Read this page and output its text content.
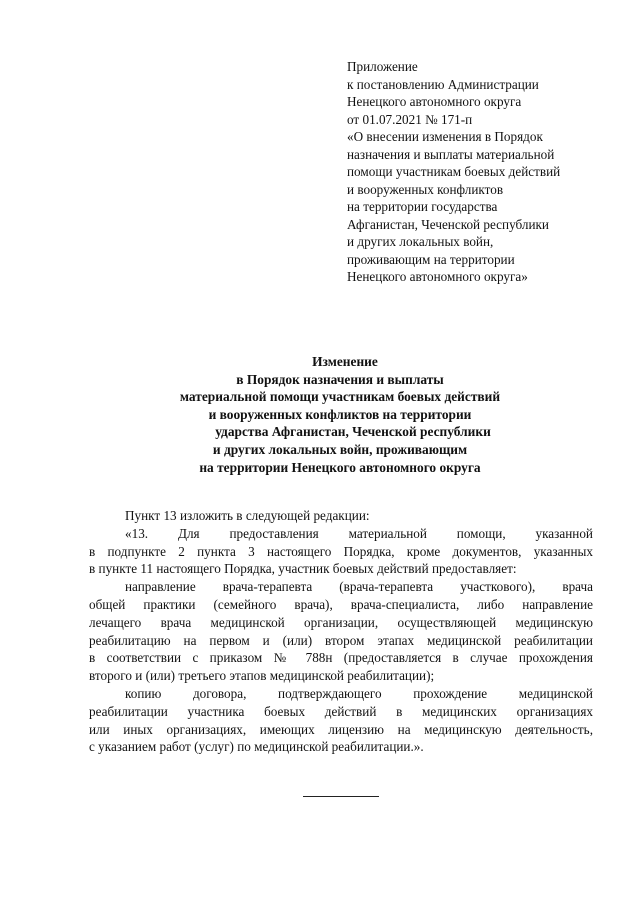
Приложение
к постановлению Администрации
Ненецкого автономного округа
от 01.07.2021 № 171-п
«О внесении изменения в Порядок
назначения и выплаты материальной
помощи участникам боевых действий
и вооруженных конфликтов
на территории государства
Афганистан, Чеченской республики
и других локальных войн,
проживающим на территории
Ненецкого автономного округа»
Изменение
в Порядок назначения и выплаты
материальной помощи участникам боевых действий
и вооруженных конфликтов на территории
ударства Афганистан, Чеченской республики
и других локальных войн, проживающим
на территории Ненецкого автономного округа
Пункт 13 изложить в следующей редакции:
«13. Для предоставления материальной помощи, указанной
в подпункте 2 пункта 3 настоящего Порядка, кроме документов, указанных
в пункте 11 настоящего Порядка, участник боевых действий предоставляет:
направление врача-терапевта (врача-терапевта участкового), врача
общей практики (семейного врача), врача-специалиста, либо направление
лечащего врача медицинской организации, осуществляющей медицинскую
реабилитацию на первом и (или) втором этапах медицинской реабилитации
в соответствии с приказом № 788н (предоставляется в случае прохождения
второго и (или) третьего этапов медицинской реабилитации);
копию договора, подтверждающего прохождение медицинской
реабилитации участника боевых действий в медицинских организациях
или иных организациях, имеющих лицензию на медицинскую деятельность,
с указанием работ (услуг) по медицинской реабилитации.».
